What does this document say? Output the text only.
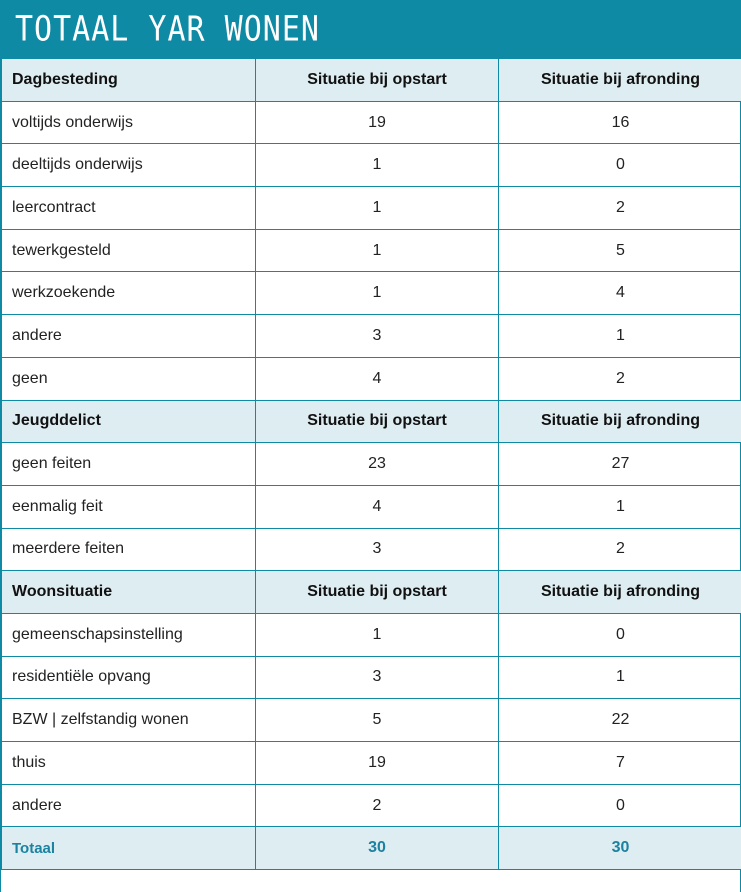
TOTAAL YAR WONEN
Dagbesteding	Situatie bij opstart	Situatie bij afronding
voltijds onderwijs	19	16
deeltijds onderwijs	1	0
leercontract	1	2
tewerkgesteld	1	5
werkzoekende	1	4
andere	3	1
geen	4	2
Jeugddelict	Situatie bij opstart	Situatie bij afronding
geen feiten	23	27
eenmalig feit	4	1
meerdere feiten	3	2
Woonsituatie	Situatie bij opstart	Situatie bij afronding
gemeenschapsinstelling	1	0
residentiële opvang	3	1
BZW | zelfstandig wonen	5	22
thuis	19	7
andere	2	0
Totaal	30	30
